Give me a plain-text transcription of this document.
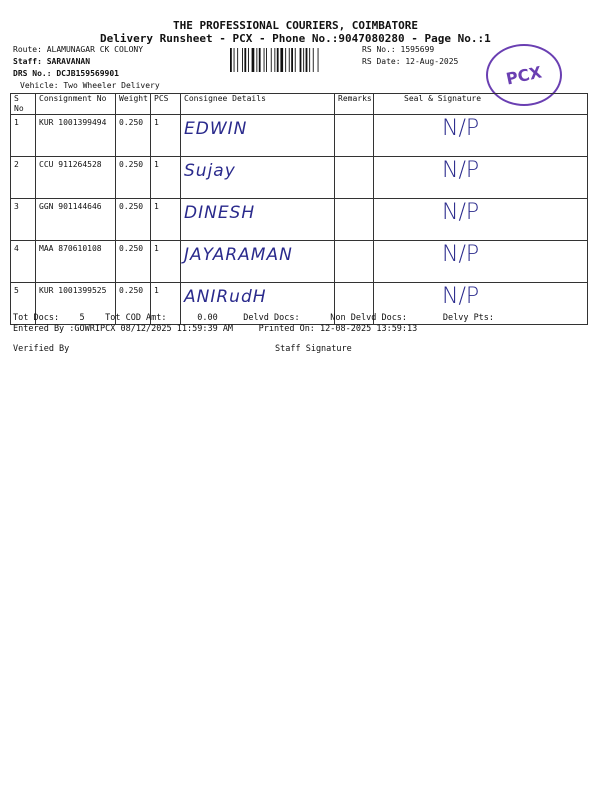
THE PROFESSIONAL COURIERS, COIMBATORE
Delivery Runsheet - PCX - Phone No.:9047080280 - Page No.:1
Route: ALAMUNAGAR CK COLONY
Staff: SARAVANAN
DRS No.: DCJB159569901
Vehicle: Two Wheeler Delivery
RS No.: 1595699
RS Date: 12-Aug-2025
PCX
S No	Consignment No	Weight	PCS	Consignee Details	Remarks	Seal & Signature
1	KUR 1001399494	0.250	1	EDWIN		N/P
2	CCU 911264528	0.250	1	Sujay		N/P
3	GGN 901144646	0.250	1	DINESH		N/P
4	MAA 870610108	0.250	1	JAYARAMAN		N/P
5	KUR 1001399525	0.250	1	ANIRudH		N/P
Tot Docs:    5    Tot COD Amt:      0.00     Delvd Docs:      Non Delvd Docs:       Delvy Pts:
Entered By :GOWRIPCX 08/12/2025 11:59:39 AM     Printed On: 12-08-2025 13:59:13
Verified By	Staff Signature
